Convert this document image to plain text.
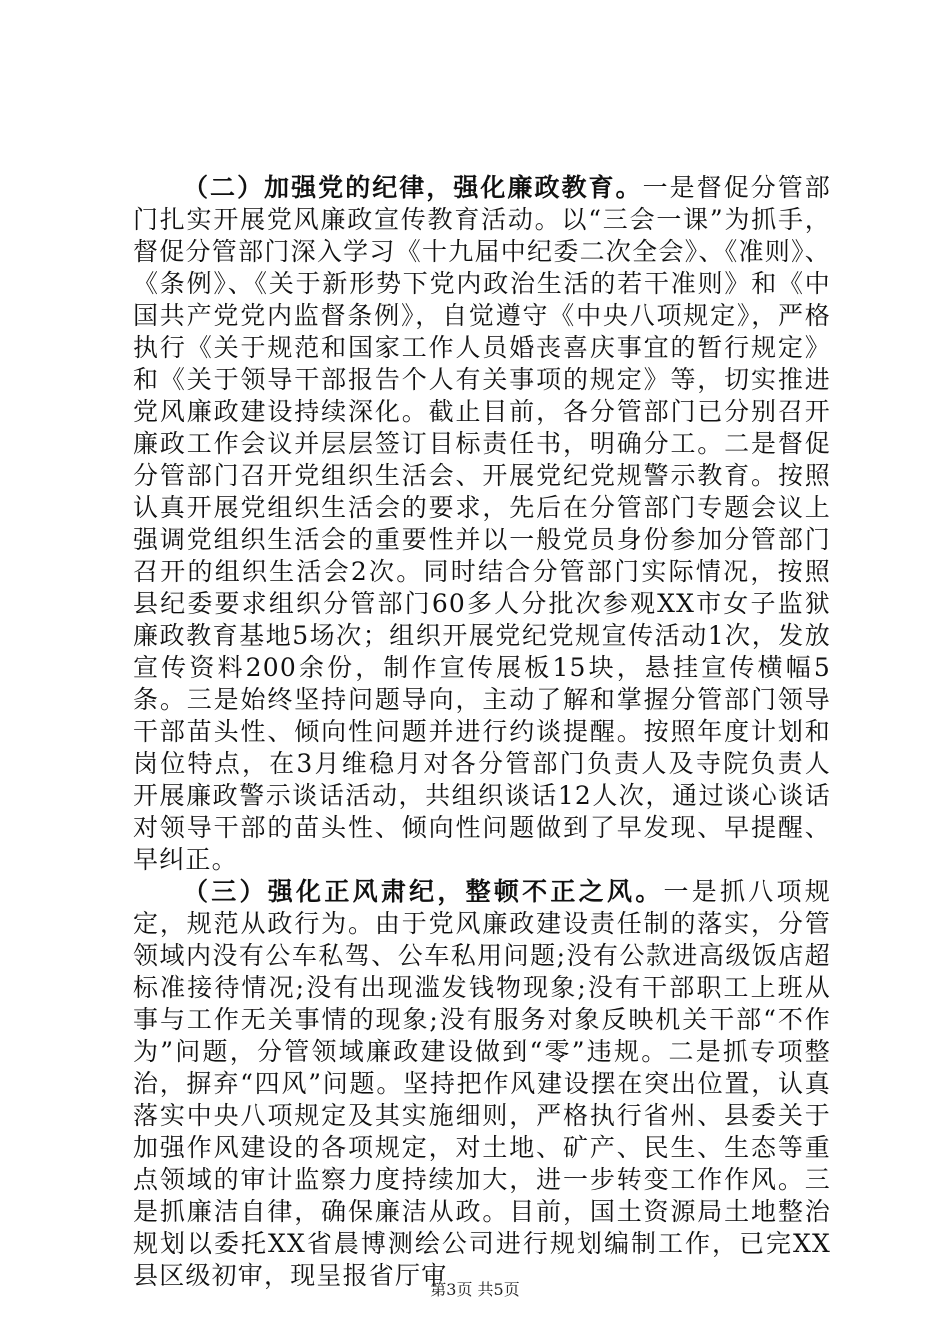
（二）加强党的纪律，强化廉政教育。一是督促分管部门扎实开展党风廉政宣传教育活动。以“三会一课”为抓手，督促分管部门深入学习《十九届中纪委二次全会》、《准则》、《条例》、《关于新形势下党内政治生活的若干准则》和《中国共产党党内监督条例》，自觉遵守《中央八项规定》，严格执行《关于规范和国家工作人员婚丧喜庆事宜的暂行规定》和《关于领导干部报告个人有关事项的规定》等，切实推进党风廉政建设持续深化。截止目前，各分管部门已分别召开廉政工作会议并层层签订目标责任书，明确分工。二是督促分管部门召开党组织生活会、开展党纪党规警示教育。按照认真开展党组织生活会的要求，先后在分管部门专题会议上强调党组织生活会的重要性并以一般党员身份参加分管部门召开的组织生活会2次。同时结合分管部门实际情况，按照县纪委要求组织分管部门60多人分批次参观XX市女子监狱廉政教育基地5场次；组织开展党纪党规宣传活动1次，发放宣传资料200余份，制作宣传展板15块，悬挂宣传横幅5条。三是始终坚持问题导向，主动了解和掌握分管部门领导干部苗头性、倾向性问题并进行约谈提醒。按照年度计划和岗位特点，在3月维稳月对各分管部门负责人及寺院负责人开展廉政警示谈话活动，共组织谈话12人次，通过谈心谈话对领导干部的苗头性、倾向性问题做到了早发现、早提醒、早纠正。

（三）强化正风肃纪，整顿不正之风。一是抓八项规定，规范从政行为。由于党风廉政建设责任制的落实，分管领域内没有公车私驾、公车私用问题;没有公款进高级饭店超标准接待情况;没有出现滥发钱物现象;没有干部职工上班从事与工作无关事情的现象;没有服务对象反映机关干部“不作为”问题，分管领域廉政建设做到“零”违规。二是抓专项整治，摒弃“四风”问题。坚持把作风建设摆在突出位置，认真落实中央八项规定及其实施细则，严格执行省州、县委关于加强作风建设的各项规定，对土地、矿产、民生、生态等重点领域的审计监察力度持续加大，进一步转变工作作风。三是抓廉洁自律，确保廉洁从政。目前，国土资源局土地整治规划以委托XX省晨博测绘公司进行规划编制工作，已完XX县区级初审，现呈报省厅审

第3页 共5页
